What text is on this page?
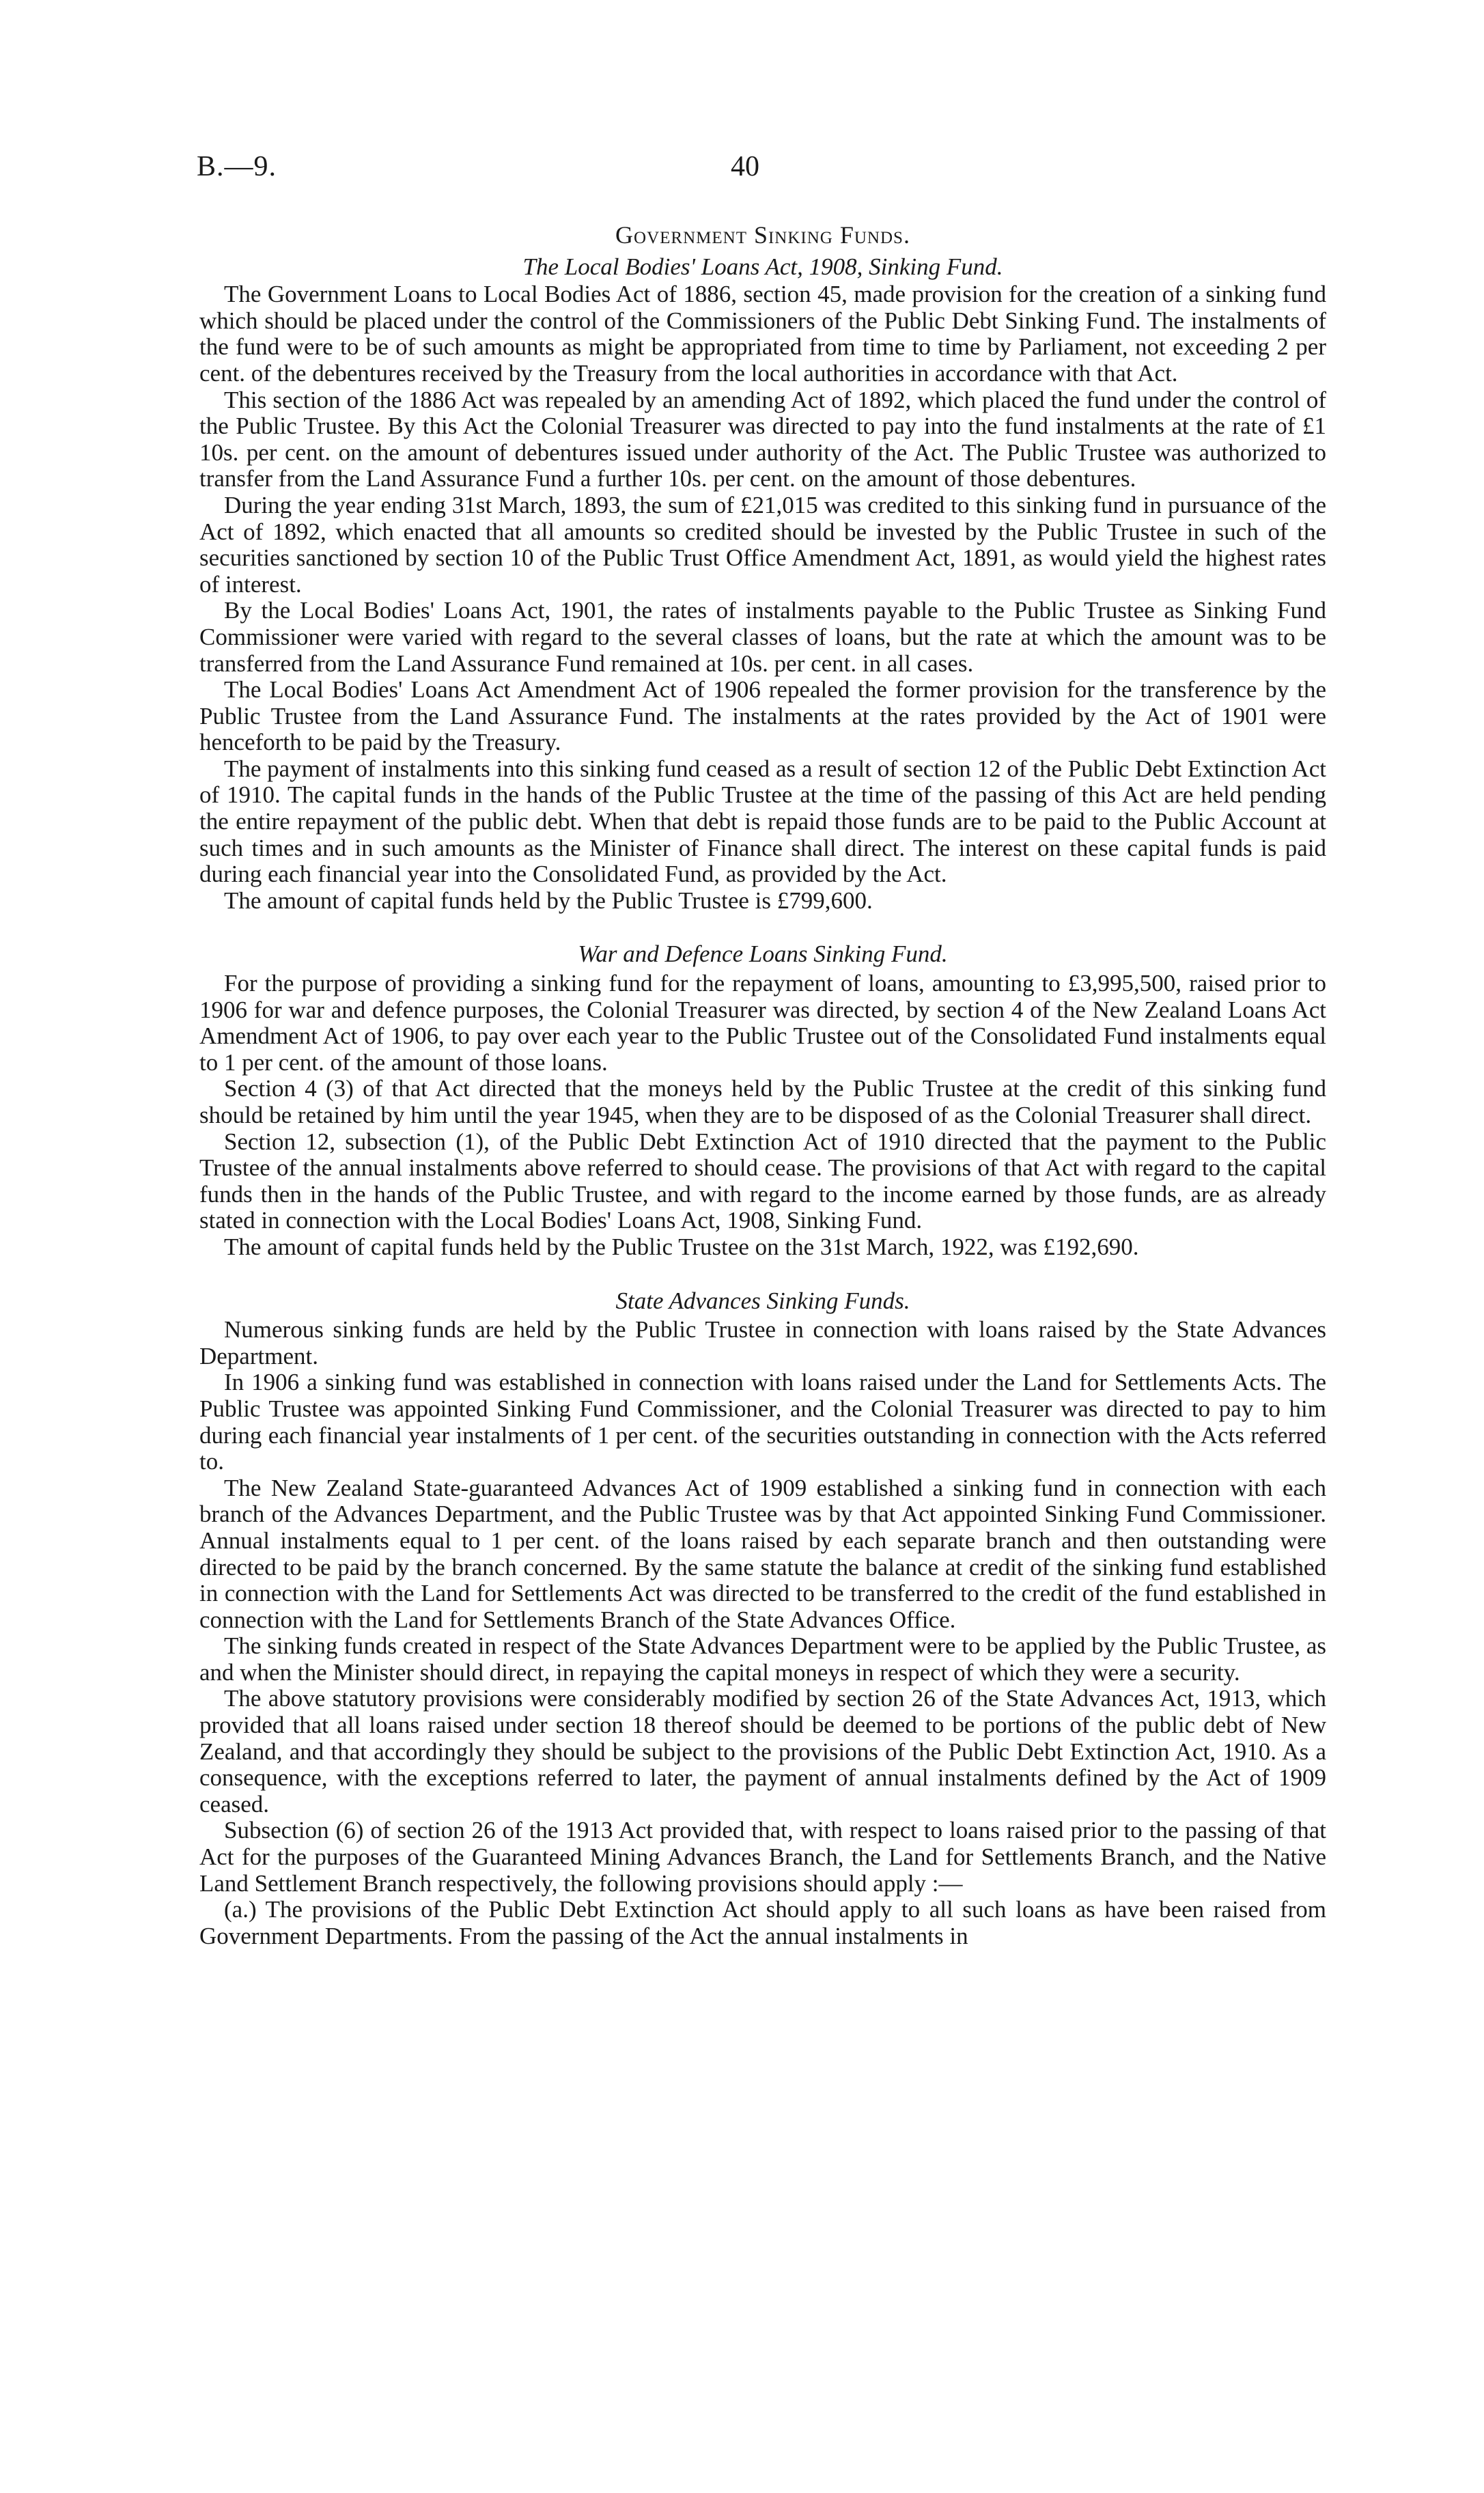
B.—9.	40
Government Sinking Funds.
The Local Bodies' Loans Act, 1908, Sinking Fund.

The Government Loans to Local Bodies Act of 1886, section 45, made provision for the creation of a sinking fund which should be placed under the control of the Commissioners of the Public Debt Sinking Fund. The instalments of the fund were to be of such amounts as might be appropriated from time to time by Parliament, not exceeding 2 per cent. of the debentures received by the Treasury from the local authorities in accordance with that Act.

This section of the 1886 Act was repealed by an amending Act of 1892, which placed the fund under the control of the Public Trustee. By this Act the Colonial Treasurer was directed to pay into the fund instalments at the rate of £1 10s. per cent. on the amount of debentures issued under authority of the Act. The Public Trustee was authorized to transfer from the Land Assurance Fund a further 10s. per cent. on the amount of those debentures.

During the year ending 31st March, 1893, the sum of £21,015 was credited to this sinking fund in pursuance of the Act of 1892, which enacted that all amounts so credited should be invested by the Public Trustee in such of the securities sanctioned by section 10 of the Public Trust Office Amendment Act, 1891, as would yield the highest rates of interest.

By the Local Bodies' Loans Act, 1901, the rates of instalments payable to the Public Trustee as Sinking Fund Commissioner were varied with regard to the several classes of loans, but the rate at which the amount was to be transferred from the Land Assurance Fund remained at 10s. per cent. in all cases.

The Local Bodies' Loans Act Amendment Act of 1906 repealed the former provision for the transference by the Public Trustee from the Land Assurance Fund. The instalments at the rates provided by the Act of 1901 were henceforth to be paid by the Treasury.

The payment of instalments into this sinking fund ceased as a result of section 12 of the Public Debt Extinction Act of 1910. The capital funds in the hands of the Public Trustee at the time of the passing of this Act are held pending the entire repayment of the public debt. When that debt is repaid those funds are to be paid to the Public Account at such times and in such amounts as the Minister of Finance shall direct. The interest on these capital funds is paid during each financial year into the Consolidated Fund, as provided by the Act.

The amount of capital funds held by the Public Trustee is £799,600.

War and Defence Loans Sinking Fund.

For the purpose of providing a sinking fund for the repayment of loans, amounting to £3,995,500, raised prior to 1906 for war and defence purposes, the Colonial Treasurer was directed, by section 4 of the New Zealand Loans Act Amendment Act of 1906, to pay over each year to the Public Trustee out of the Consolidated Fund instalments equal to 1 per cent. of the amount of those loans.

Section 4 (3) of that Act directed that the moneys held by the Public Trustee at the credit of this sinking fund should be retained by him until the year 1945, when they are to be disposed of as the Colonial Treasurer shall direct.

Section 12, subsection (1), of the Public Debt Extinction Act of 1910 directed that the payment to the Public Trustee of the annual instalments above referred to should cease. The provisions of that Act with regard to the capital funds then in the hands of the Public Trustee, and with regard to the income earned by those funds, are as already stated in connection with the Local Bodies' Loans Act, 1908, Sinking Fund.

The amount of capital funds held by the Public Trustee on the 31st March, 1922, was £192,690.

State Advances Sinking Funds.

Numerous sinking funds are held by the Public Trustee in connection with loans raised by the State Advances Department.

In 1906 a sinking fund was established in connection with loans raised under the Land for Settlements Acts. The Public Trustee was appointed Sinking Fund Commissioner, and the Colonial Treasurer was directed to pay to him during each financial year instalments of 1 per cent. of the securities outstanding in connection with the Acts referred to.

The New Zealand State-guaranteed Advances Act of 1909 established a sinking fund in connection with each branch of the Advances Department, and the Public Trustee was by that Act appointed Sinking Fund Commissioner. Annual instalments equal to 1 per cent. of the loans raised by each separate branch and then outstanding were directed to be paid by the branch concerned. By the same statute the balance at credit of the sinking fund established in connection with the Land for Settlements Act was directed to be transferred to the credit of the fund established in connection with the Land for Settlements Branch of the State Advances Office.

The sinking funds created in respect of the State Advances Department were to be applied by the Public Trustee, as and when the Minister should direct, in repaying the capital moneys in respect of which they were a security.

The above statutory provisions were considerably modified by section 26 of the State Advances Act, 1913, which provided that all loans raised under section 18 thereof should be deemed to be portions of the public debt of New Zealand, and that accordingly they should be subject to the provisions of the Public Debt Extinction Act, 1910. As a consequence, with the exceptions referred to later, the payment of annual instalments defined by the Act of 1909 ceased.

Subsection (6) of section 26 of the 1913 Act provided that, with respect to loans raised prior to the passing of that Act for the purposes of the Guaranteed Mining Advances Branch, the Land for Settlements Branch, and the Native Land Settlement Branch respectively, the following provisions should apply :—

(a.) The provisions of the Public Debt Extinction Act should apply to all such loans as have been raised from Government Departments. From the passing of the Act the annual instalments in
